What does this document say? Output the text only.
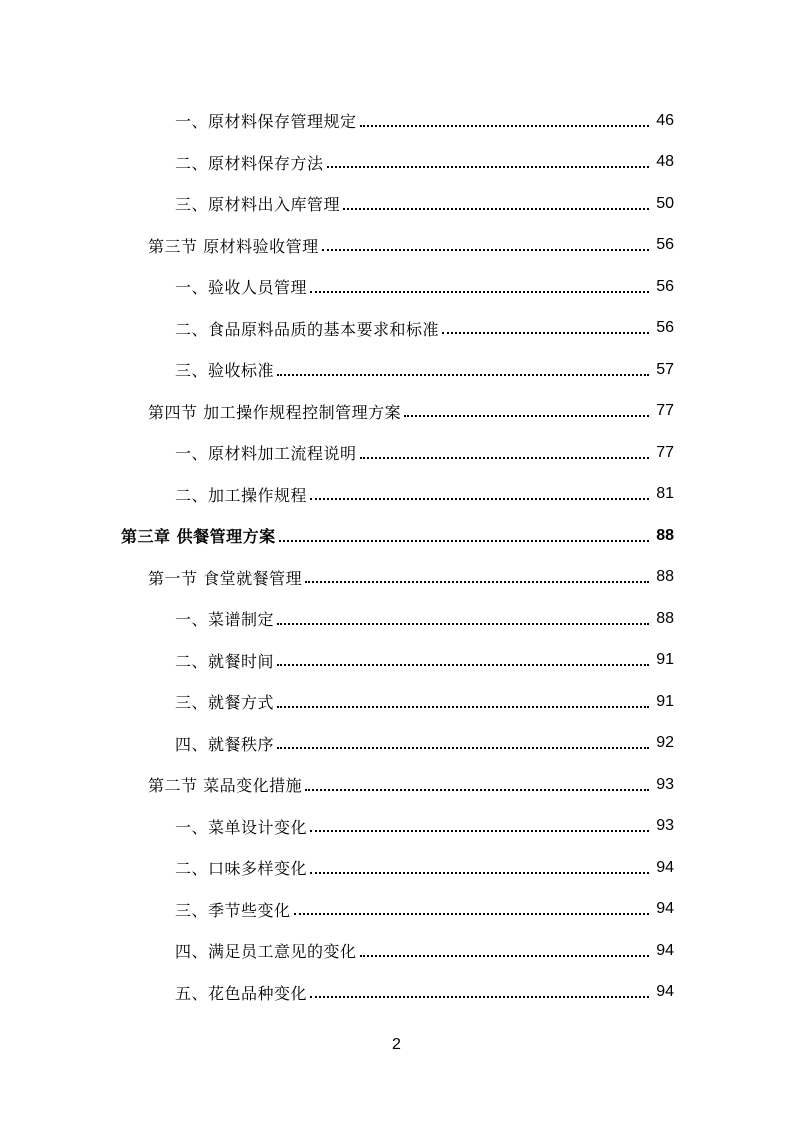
一、原材料保存管理规定	46
二、原材料保存方法	48
三、原材料出入库管理	50
第三节 原材料验收管理	56
一、验收人员管理	56
二、食品原料品质的基本要求和标准	56
三、验收标准	57
第四节 加工操作规程控制管理方案	77
一、原材料加工流程说明	77
二、加工操作规程	81
第三章 供餐管理方案	88
第一节 食堂就餐管理	88
一、菜谱制定	88
二、就餐时间	91
三、就餐方式	91
四、就餐秩序	92
第二节 菜品变化措施	93
一、菜单设计变化	93
二、口味多样变化	94
三、季节些变化	94
四、满足员工意见的变化	94
五、花色品种变化	94
2
